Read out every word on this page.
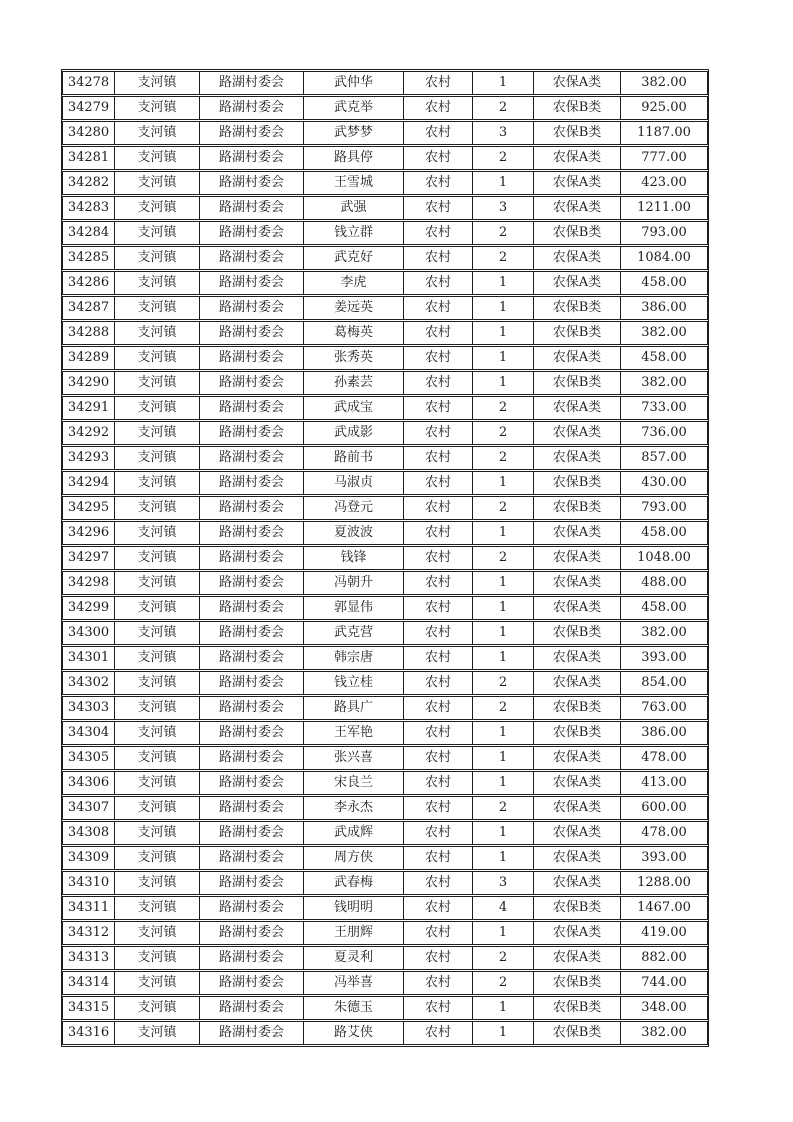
34278	支河镇	路湖村委会	武仲华	农村	1	农保A类	382.00
34279	支河镇	路湖村委会	武克举	农村	2	农保B类	925.00
34280	支河镇	路湖村委会	武梦梦	农村	3	农保B类	1187.00
34281	支河镇	路湖村委会	路具停	农村	2	农保A类	777.00
34282	支河镇	路湖村委会	王雪城	农村	1	农保A类	423.00
34283	支河镇	路湖村委会	武强	农村	3	农保A类	1211.00
34284	支河镇	路湖村委会	钱立群	农村	2	农保B类	793.00
34285	支河镇	路湖村委会	武克好	农村	2	农保A类	1084.00
34286	支河镇	路湖村委会	李虎	农村	1	农保A类	458.00
34287	支河镇	路湖村委会	姜远英	农村	1	农保B类	386.00
34288	支河镇	路湖村委会	葛梅英	农村	1	农保B类	382.00
34289	支河镇	路湖村委会	张秀英	农村	1	农保A类	458.00
34290	支河镇	路湖村委会	孙素芸	农村	1	农保B类	382.00
34291	支河镇	路湖村委会	武成宝	农村	2	农保A类	733.00
34292	支河镇	路湖村委会	武成影	农村	2	农保A类	736.00
34293	支河镇	路湖村委会	路前书	农村	2	农保A类	857.00
34294	支河镇	路湖村委会	马淑贞	农村	1	农保B类	430.00
34295	支河镇	路湖村委会	冯登元	农村	2	农保B类	793.00
34296	支河镇	路湖村委会	夏波波	农村	1	农保A类	458.00
34297	支河镇	路湖村委会	钱锋	农村	2	农保A类	1048.00
34298	支河镇	路湖村委会	冯朝升	农村	1	农保A类	488.00
34299	支河镇	路湖村委会	郭显伟	农村	1	农保A类	458.00
34300	支河镇	路湖村委会	武克营	农村	1	农保B类	382.00
34301	支河镇	路湖村委会	韩宗唐	农村	1	农保A类	393.00
34302	支河镇	路湖村委会	钱立桂	农村	2	农保A类	854.00
34303	支河镇	路湖村委会	路具广	农村	2	农保B类	763.00
34304	支河镇	路湖村委会	王军艳	农村	1	农保B类	386.00
34305	支河镇	路湖村委会	张兴喜	农村	1	农保A类	478.00
34306	支河镇	路湖村委会	宋良兰	农村	1	农保A类	413.00
34307	支河镇	路湖村委会	李永杰	农村	2	农保A类	600.00
34308	支河镇	路湖村委会	武成辉	农村	1	农保A类	478.00
34309	支河镇	路湖村委会	周方侠	农村	1	农保A类	393.00
34310	支河镇	路湖村委会	武春梅	农村	3	农保A类	1288.00
34311	支河镇	路湖村委会	钱明明	农村	4	农保B类	1467.00
34312	支河镇	路湖村委会	王朋辉	农村	1	农保A类	419.00
34313	支河镇	路湖村委会	夏灵利	农村	2	农保A类	882.00
34314	支河镇	路湖村委会	冯举喜	农村	2	农保B类	744.00
34315	支河镇	路湖村委会	朱德玉	农村	1	农保B类	348.00
34316	支河镇	路湖村委会	路艾侠	农村	1	农保B类	382.00
